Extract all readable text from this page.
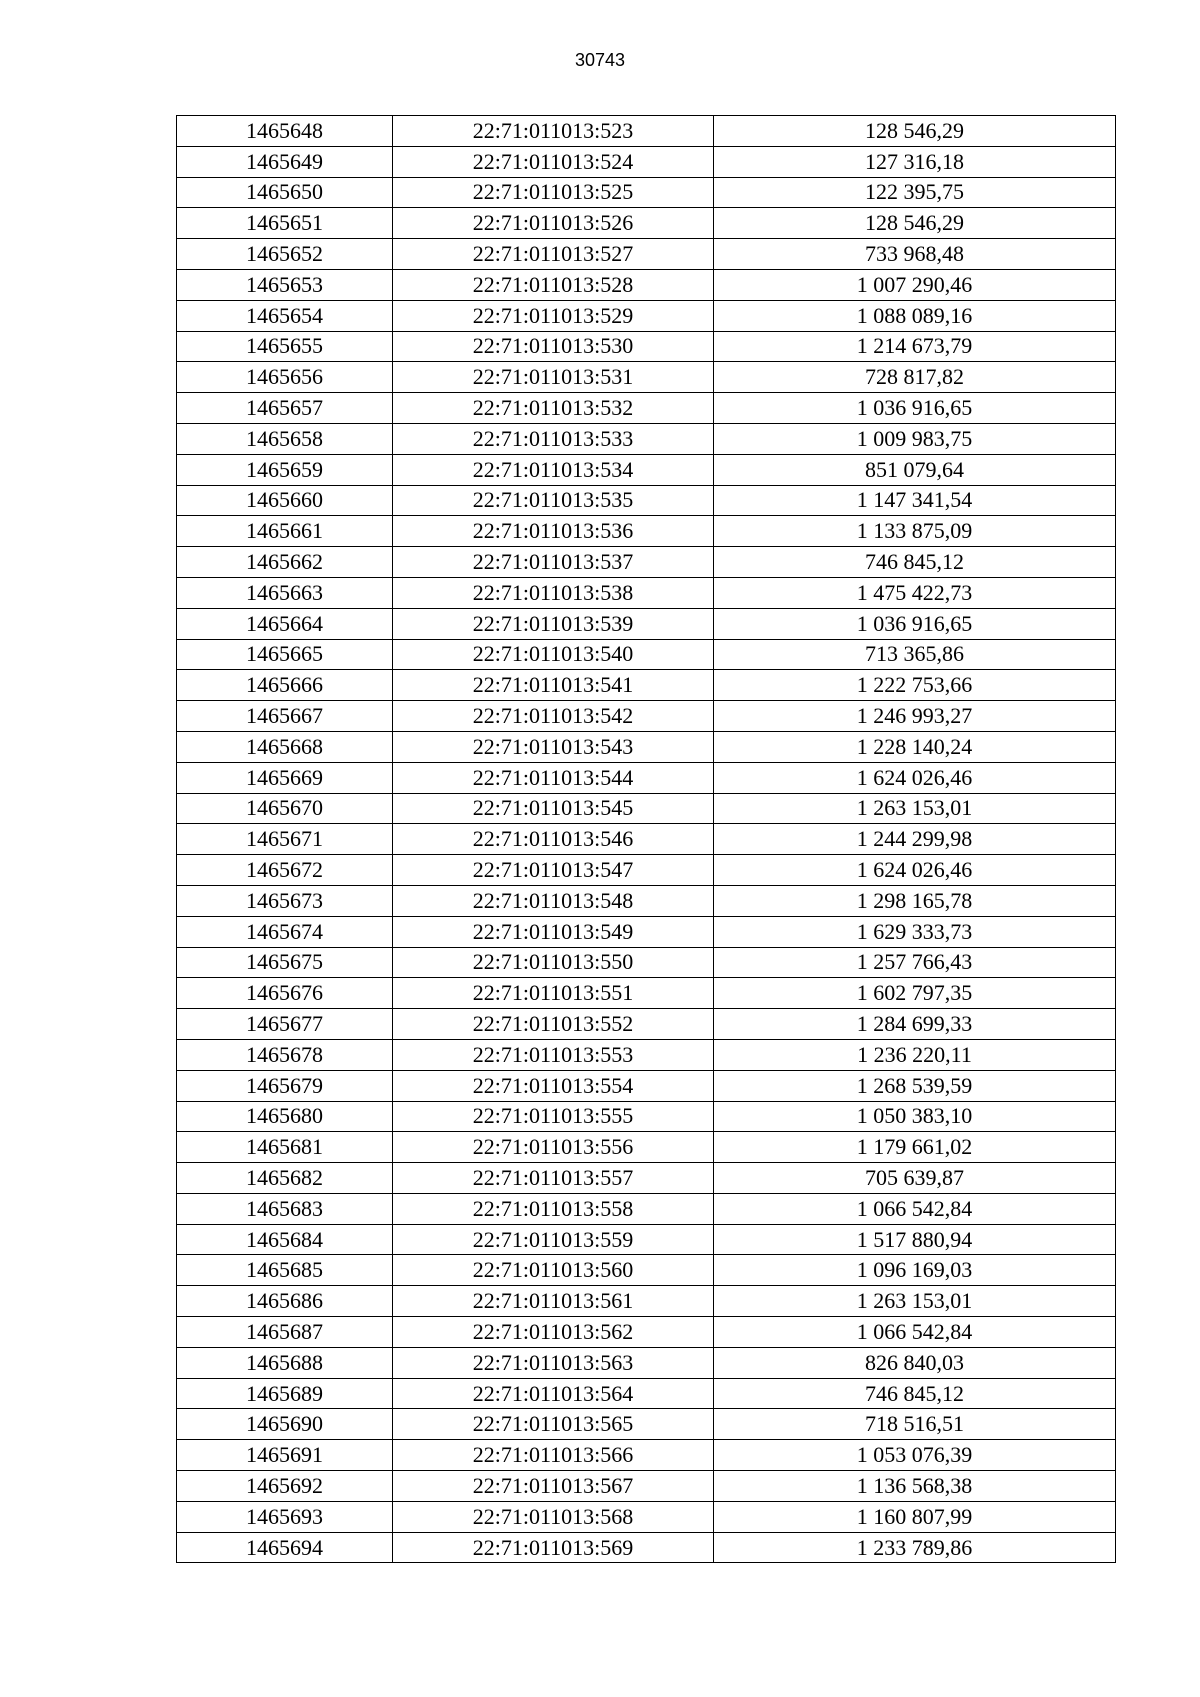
30743
1465648	22:71:011013:523	128 546,29
1465649	22:71:011013:524	127 316,18
1465650	22:71:011013:525	122 395,75
1465651	22:71:011013:526	128 546,29
1465652	22:71:011013:527	733 968,48
1465653	22:71:011013:528	1 007 290,46
1465654	22:71:011013:529	1 088 089,16
1465655	22:71:011013:530	1 214 673,79
1465656	22:71:011013:531	728 817,82
1465657	22:71:011013:532	1 036 916,65
1465658	22:71:011013:533	1 009 983,75
1465659	22:71:011013:534	851 079,64
1465660	22:71:011013:535	1 147 341,54
1465661	22:71:011013:536	1 133 875,09
1465662	22:71:011013:537	746 845,12
1465663	22:71:011013:538	1 475 422,73
1465664	22:71:011013:539	1 036 916,65
1465665	22:71:011013:540	713 365,86
1465666	22:71:011013:541	1 222 753,66
1465667	22:71:011013:542	1 246 993,27
1465668	22:71:011013:543	1 228 140,24
1465669	22:71:011013:544	1 624 026,46
1465670	22:71:011013:545	1 263 153,01
1465671	22:71:011013:546	1 244 299,98
1465672	22:71:011013:547	1 624 026,46
1465673	22:71:011013:548	1 298 165,78
1465674	22:71:011013:549	1 629 333,73
1465675	22:71:011013:550	1 257 766,43
1465676	22:71:011013:551	1 602 797,35
1465677	22:71:011013:552	1 284 699,33
1465678	22:71:011013:553	1 236 220,11
1465679	22:71:011013:554	1 268 539,59
1465680	22:71:011013:555	1 050 383,10
1465681	22:71:011013:556	1 179 661,02
1465682	22:71:011013:557	705 639,87
1465683	22:71:011013:558	1 066 542,84
1465684	22:71:011013:559	1 517 880,94
1465685	22:71:011013:560	1 096 169,03
1465686	22:71:011013:561	1 263 153,01
1465687	22:71:011013:562	1 066 542,84
1465688	22:71:011013:563	826 840,03
1465689	22:71:011013:564	746 845,12
1465690	22:71:011013:565	718 516,51
1465691	22:71:011013:566	1 053 076,39
1465692	22:71:011013:567	1 136 568,38
1465693	22:71:011013:568	1 160 807,99
1465694	22:71:011013:569	1 233 789,86
